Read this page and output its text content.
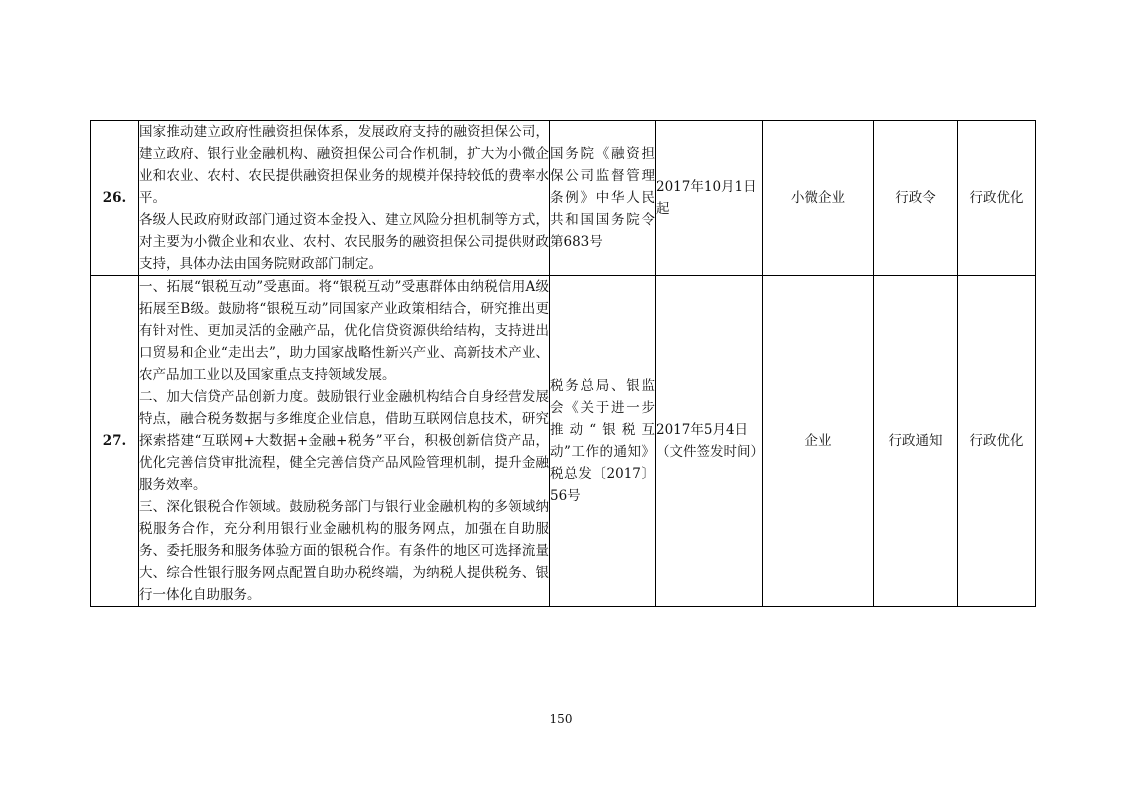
26.	国家推动建立政府性融资担保体系，发展政府支持的融资担保公司，建立政府、银行业金融机构、融资担保公司合作机制，扩大为小微企业和农业、农村、农民提供融资担保业务的规模并保持较低的费率水平。

各级人民政府财政部门通过资本金投入、建立风险分担机制等方式，对主要为小微企业和农业、农村、农民服务的融资担保公司提供财政支持，具体办法由国务院财政部门制定。	国务院《融资担保公司监督管理条例》中华人民共和国国务院令第683号	2017年10月1日起	小微企业	行政令	行政优化
27.	一、拓展“银税互动”受惠面。将“银税互动”受惠群体由纳税信用A级拓展至B级。鼓励将“银税互动”同国家产业政策相结合，研究推出更有针对性、更加灵活的金融产品，优化信贷资源供给结构，支持进出口贸易和企业“走出去”，助力国家战略性新兴产业、高新技术产业、农产品加工业以及国家重点支持领域发展。

二、加大信贷产品创新力度。鼓励银行业金融机构结合自身经营发展特点，融合税务数据与多维度企业信息，借助互联网信息技术，研究探索搭建“互联网+大数据+金融+税务”平台，积极创新信贷产品，优化完善信贷审批流程，健全完善信贷产品风险管理机制，提升金融服务效率。

三、深化银税合作领域。鼓励税务部门与银行业金融机构的多领域纳税服务合作，充分利用银行业金融机构的服务网点，加强在自助服务、委托服务和服务体验方面的银税合作。有条件的地区可选择流量大、综合性银行服务网点配置自助办税终端，为纳税人提供税务、银行一体化自助服务。	税务总局、银监会《关于进一步推动“银税互动”工作的通知》税总发〔2017〕56号	2017年5月4日（文件签发时间）	企业	行政通知	行政优化
150
